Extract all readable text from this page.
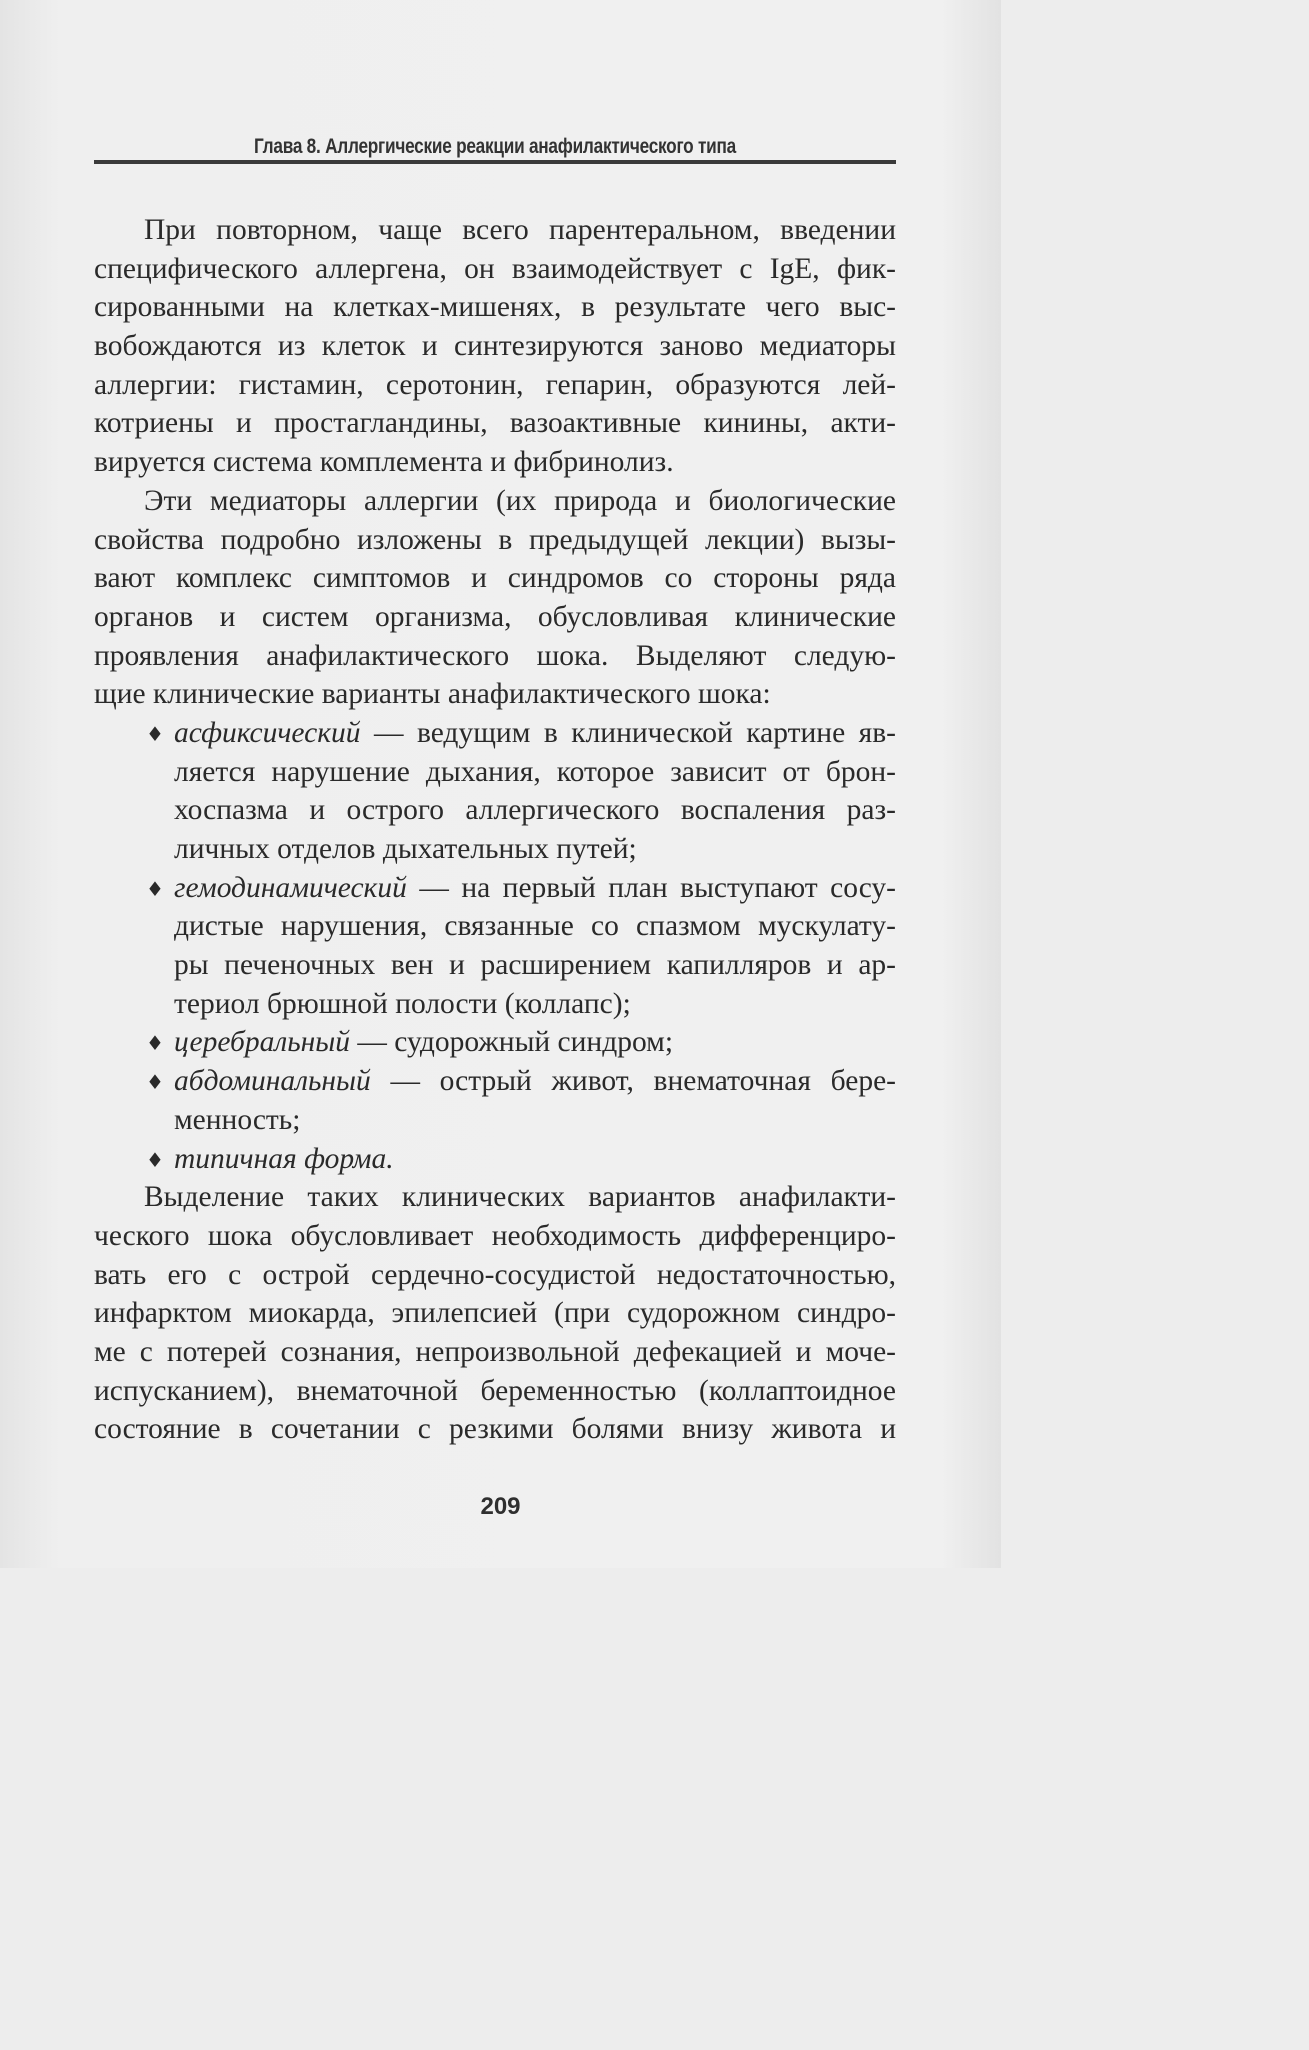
Глава 8. Аллергические реакции анафилактического типа
При повторном, чаще всего парентеральном, введении
специфического аллергена, он взаимодействует с IgE, фик-
сированными на клетках-мишенях, в результате чего выс-
вобождаются из клеток и синтезируются заново медиаторы
аллергии: гистамин, серотонин, гепарин, образуются лей-
котриены и простагландины, вазоактивные кинины, акти-
вируется система комплемента и фибринолиз.
Эти медиаторы аллергии (их природа и биологические
свойства подробно изложены в предыдущей лекции) вызы-
вают комплекс симптомов и синдромов со стороны ряда
органов и систем организма, обусловливая клинические
проявления анафилактического шока. Выделяют следую-
щие клинические варианты анафилактического шока:
♦ асфиксический — ведущим в клинической картине яв-
ляется нарушение дыхания, которое зависит от брон-
хоспазма и острого аллергического воспаления раз-
личных отделов дыхательных путей;
♦ гемодинамический — на первый план выступают сосу-
дистые нарушения, связанные со спазмом мускулату-
ры печеночных вен и расширением капилляров и ар-
териол брюшной полости (коллапс);
♦ церебральный — судорожный синдром;
♦ абдоминальный — острый живот, внематочная бере-
менность;
♦ типичная форма.
Выделение таких клинических вариантов анафилакти-
ческого шока обусловливает необходимость дифференциро-
вать его с острой сердечно-сосудистой недостаточностью,
инфарктом миокарда, эпилепсией (при судорожном синдро-
ме с потерей сознания, непроизвольной дефекацией и моче-
испусканием), внематочной беременностью (коллаптоидное
состояние в сочетании с резкими болями внизу живота и
209
